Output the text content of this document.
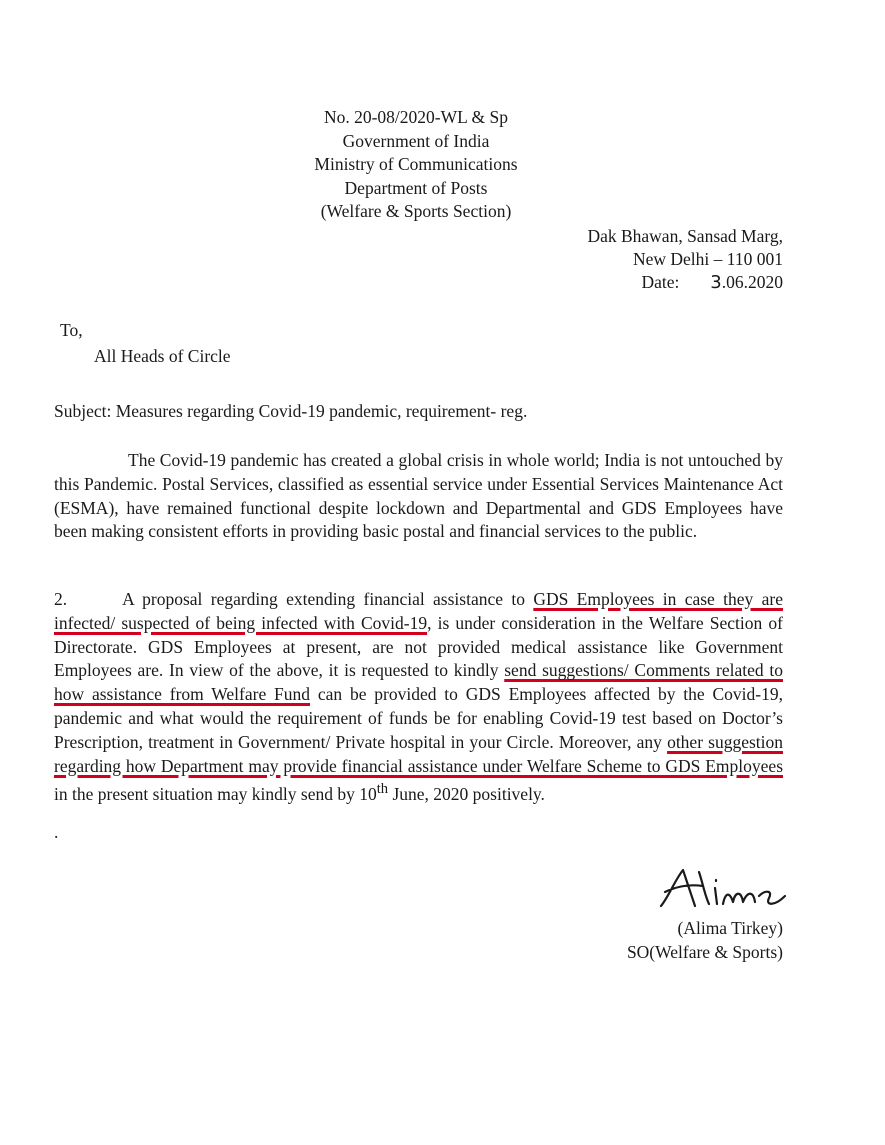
No. 20-08/2020-WL & Sp
Government of India
Ministry of Communications
Department of Posts
(Welfare & Sports Section)
Dak Bhawan, Sansad Marg,
New Delhi – 110 001
Date: 3.06.2020
To,
All Heads of Circle
Subject: Measures regarding Covid-19 pandemic, requirement- reg.

The Covid-19 pandemic has created a global crisis in whole world; India is not untouched by this Pandemic. Postal Services, classified as essential service under Essential Services Maintenance Act (ESMA), have remained functional despite lockdown and Departmental and GDS Employees have been making consistent efforts in providing basic postal and financial services to the public.

2.	A proposal regarding extending financial assistance to GDS Employees in case they are infected/ suspected of being infected with Covid-19, is under consideration in the Welfare Section of Directorate. GDS Employees at present, are not provided medical assistance like Government Employees are. In view of the above, it is requested to kindly send suggestions/ Comments related to how assistance from Welfare Fund can be provided to GDS Employees affected by the Covid-19, pandemic and what would the requirement of funds be for enabling Covid-19 test based on Doctor’s Prescription, treatment in Government/ Private hospital in your Circle. Moreover, any other suggestion regarding how Department may provide financial assistance under Welfare Scheme to GDS Employees in the present situation may kindly send by 10th June, 2020 positively.

.
(Alima Tirkey)
SO(Welfare & Sports)
